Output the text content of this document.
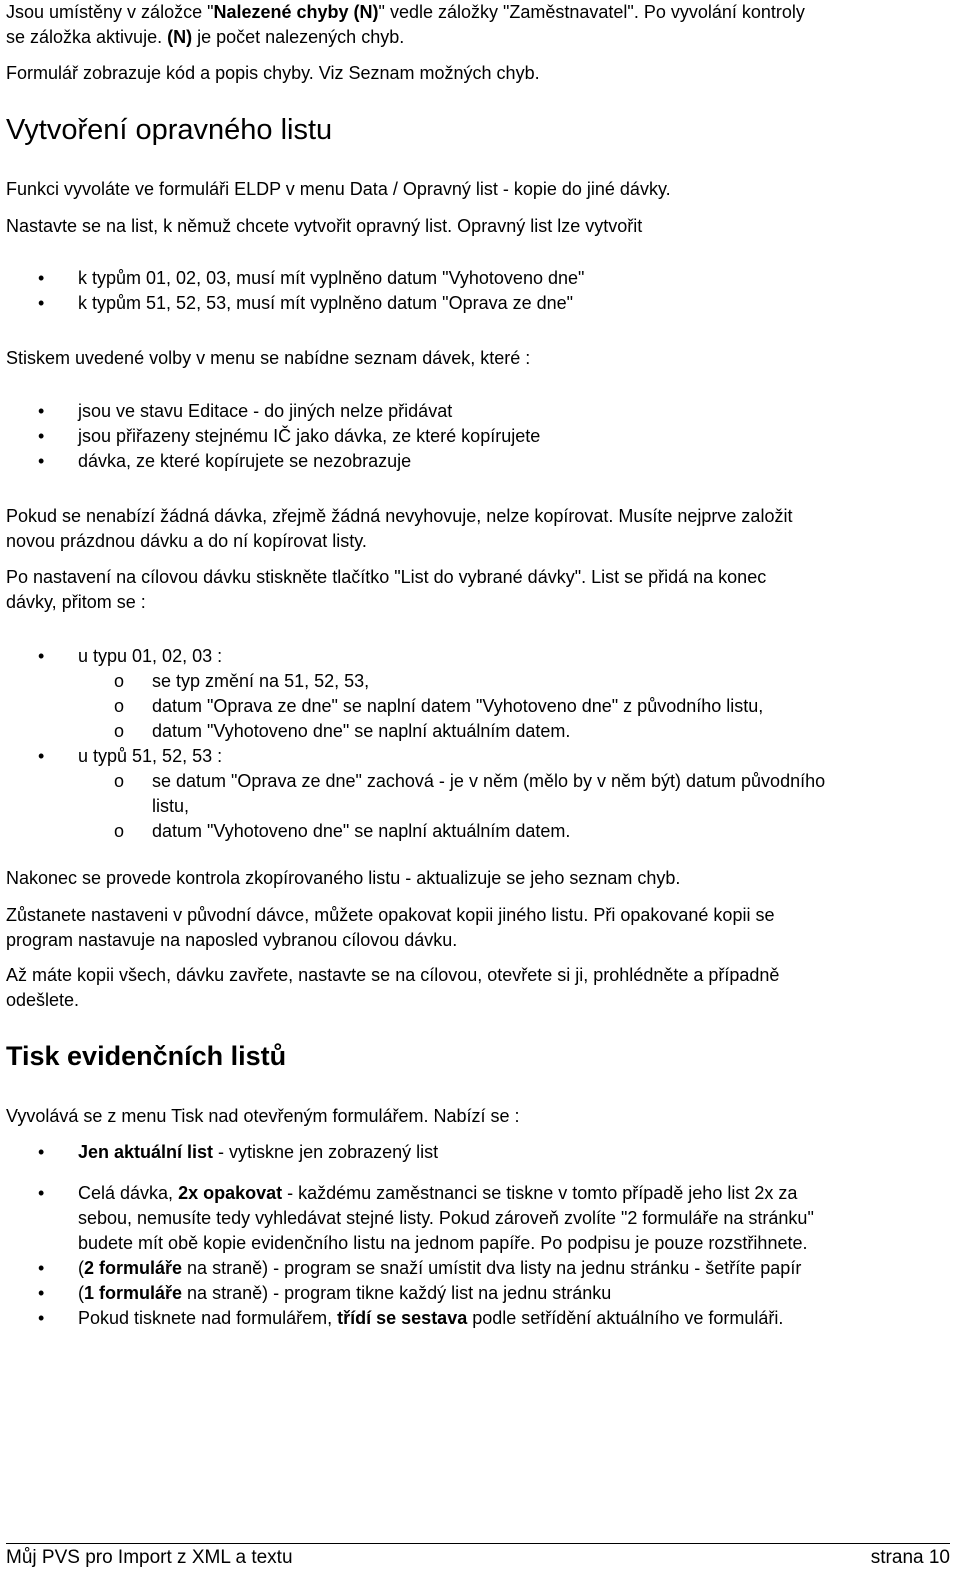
Jsou umístěny v záložce "Nalezené chyby (N)" vedle záložky "Zaměstnavatel". Po vyvolání kontroly

se záložka aktivuje. (N) je počet nalezených chyb.

Formulář zobrazuje kód a popis chyby. Viz Seznam možných chyb.

Vytvoření opravného listu

Funkci vyvoláte ve formuláři ELDP v menu Data / Opravný list - kopie do jiné dávky.

Nastavte se na list, k němuž chcete vytvořit opravný list. Opravný list lze vytvořit

• k typům 01, 02, 03, musí mít vyplněno datum "Vyhotoveno dne"
• k typům 51, 52, 53, musí mít vyplněno datum "Oprava ze dne"

Stiskem uvedené volby v menu se nabídne seznam dávek, které :

• jsou ve stavu Editace - do jiných nelze přidávat
• jsou přiřazeny stejnému IČ jako dávka, ze které kopírujete
• dávka, ze které kopírujete se nezobrazuje

Pokud se nenabízí žádná dávka, zřejmě žádná nevyhovuje, nelze kopírovat. Musíte nejprve založit

novou prázdnou dávku a do ní kopírovat listy.

Po nastavení na cílovou dávku stiskněte tlačítko "List do vybrané dávky". List se přidá na konec

dávky, přitom se :

• u typu 01, 02, 03 :
o se typ změní na 51, 52, 53,
o datum "Oprava ze dne" se naplní datem "Vyhotoveno dne" z původního listu,
o datum "Vyhotoveno dne" se naplní aktuálním datem.
• u typů 51, 52, 53 :
o se datum "Oprava ze dne" zachová - je v něm (mělo by v něm být) datum původního
listu,
o datum "Vyhotoveno dne" se naplní aktuálním datem.

Nakonec se provede kontrola zkopírovaného listu - aktualizuje se jeho seznam chyb.

Zůstanete nastaveni v původní dávce, můžete opakovat kopii jiného listu. Při opakované kopii se

program nastavuje na naposled vybranou cílovou dávku.

Až máte kopii všech, dávku zavřete, nastavte se na cílovou, otevřete si ji, prohlédněte a případně

odešlete.

Tisk evidenčních listů

Vyvolává se z menu Tisk nad otevřeným formulářem. Nabízí se :

• Jen aktuální list - vytiskne jen zobrazený list
• Celá dávka, 2x opakovat - každému zaměstnanci se tiskne v tomto případě jeho list 2x za
sebou, nemusíte tedy vyhledávat stejné listy. Pokud zároveň zvolíte "2 formuláře na stránku"
budete mít obě kopie evidenčního listu na jednom papíře. Po podpisu je pouze rozstřihnete.
• (2 formuláře na straně) - program se snaží umístit dva listy na jednu stránku - šetříte papír
• (1 formuláře na straně) - program tikne každý list na jednu stránku
• Pokud tisknete nad formulářem, třídí se sestava podle setřídění aktuálního ve formuláři.
Můj PVS pro Import z XML a textu	strana 10
